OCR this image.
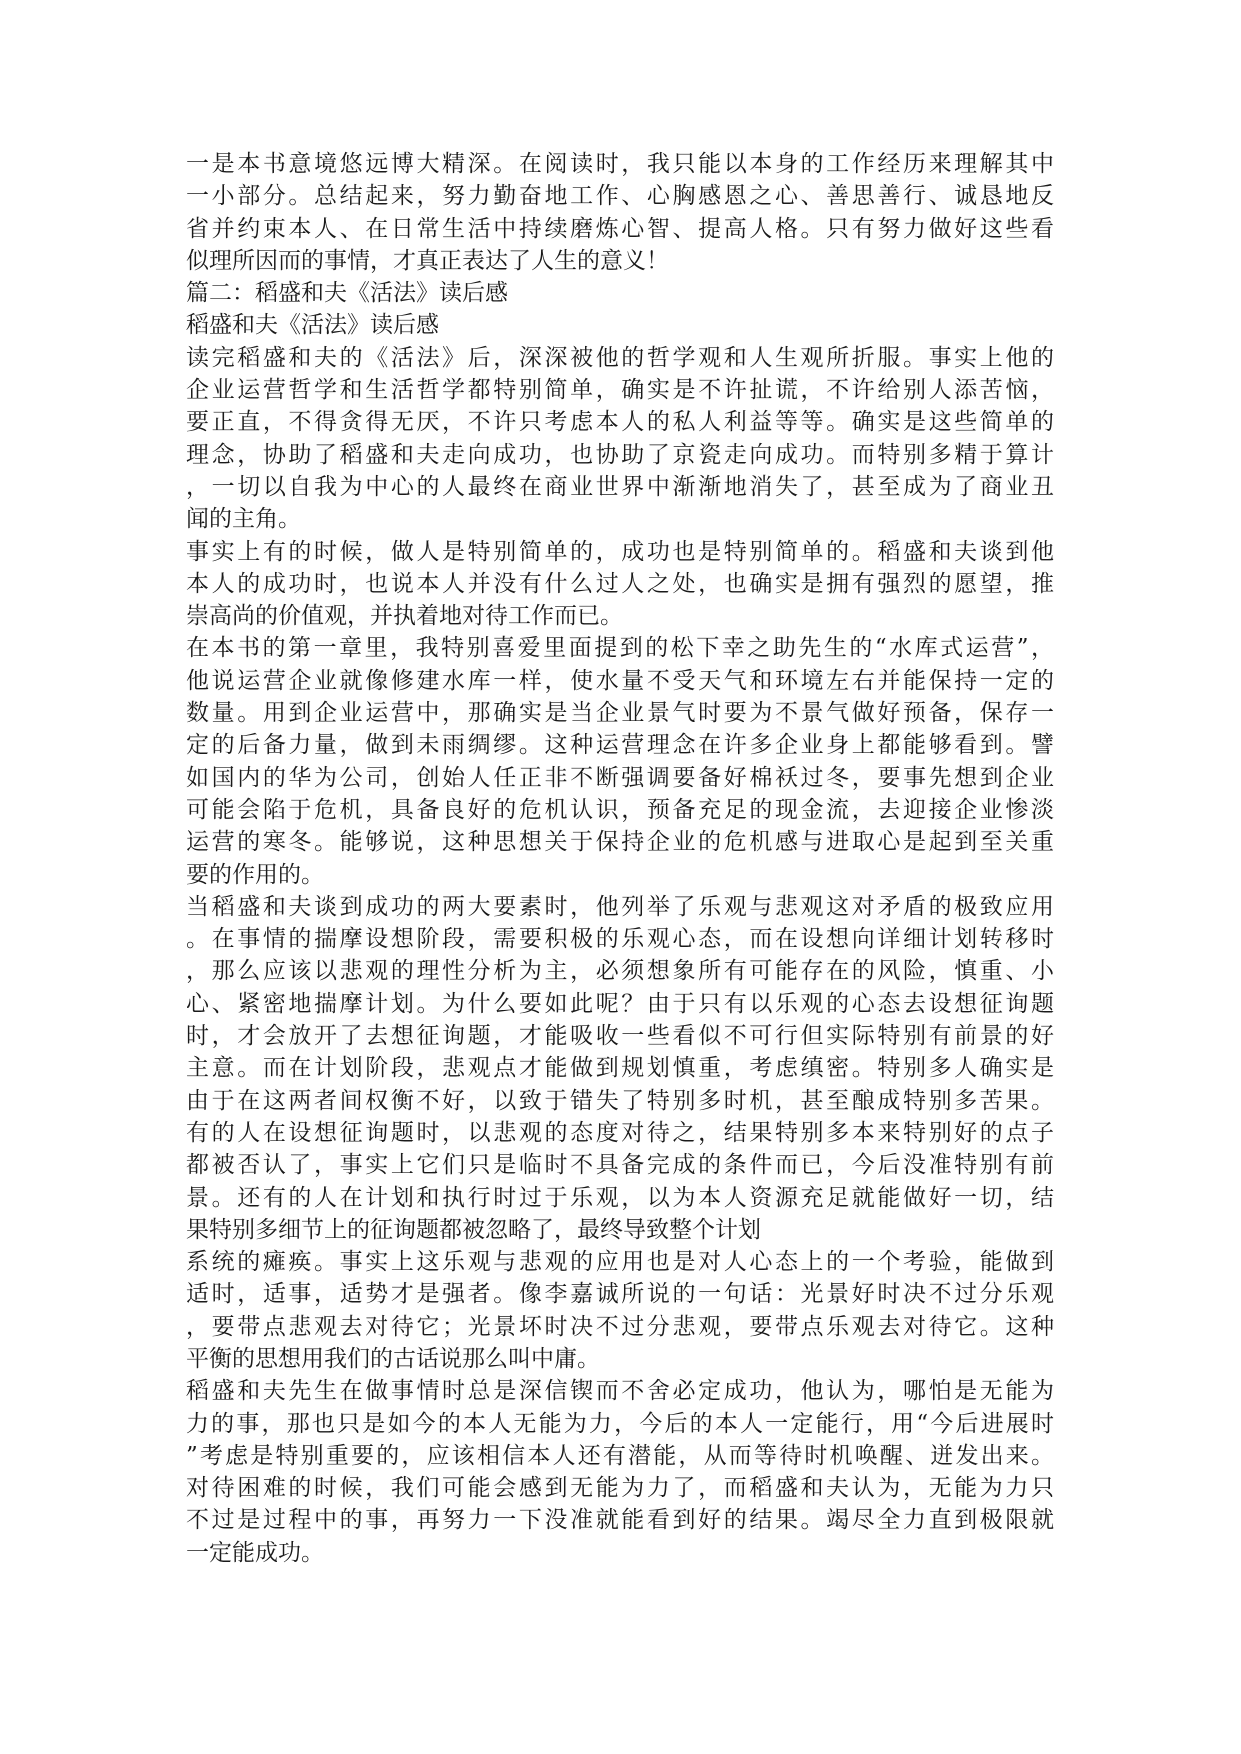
一是本书意境悠远博大精深。在阅读时，我只能以本身的工作经历来理解其中
一小部分。总结起来，努力勤奋地工作、心胸感恩之心、善思善行、诚恳地反
省并约束本人、在日常生活中持续磨炼心智、提高人格。只有努力做好这些看
似理所因而的事情，才真正表达了人生的意义！
篇二：稻盛和夫《活法》读后感
稻盛和夫《活法》读后感
读完稻盛和夫的《活法》后，深深被他的哲学观和人生观所折服。事实上他的
企业运营哲学和生活哲学都特别简单，确实是不许扯谎，不许给别人添苦恼，
要正直，不得贪得无厌，不许只考虑本人的私人利益等等。确实是这些简单的
理念，协助了稻盛和夫走向成功，也协助了京瓷走向成功。而特别多精于算计
，一切以自我为中心的人最终在商业世界中渐渐地消失了，甚至成为了商业丑
闻的主角。
事实上有的时候，做人是特别简单的，成功也是特别简单的。稻盛和夫谈到他
本人的成功时，也说本人并没有什么过人之处，也确实是拥有强烈的愿望，推
崇高尚的价值观，并执着地对待工作而已。
在本书的第一章里，我特别喜爱里面提到的松下幸之助先生的“水库式运营”，
他说运营企业就像修建水库一样，使水量不受天气和环境左右并能保持一定的
数量。用到企业运营中，那确实是当企业景气时要为不景气做好预备，保存一
定的后备力量，做到未雨绸缪。这种运营理念在许多企业身上都能够看到。譬
如国内的华为公司，创始人任正非不断强调要备好棉袄过冬，要事先想到企业
可能会陷于危机，具备良好的危机认识，预备充足的现金流，去迎接企业惨淡
运营的寒冬。能够说，这种思想关于保持企业的危机感与进取心是起到至关重
要的作用的。
当稻盛和夫谈到成功的两大要素时，他列举了乐观与悲观这对矛盾的极致应用
。在事情的揣摩设想阶段，需要积极的乐观心态，而在设想向详细计划转移时
，那么应该以悲观的理性分析为主，必须想象所有可能存在的风险，慎重、小
心、紧密地揣摩计划。为什么要如此呢？由于只有以乐观的心态去设想征询题
时，才会放开了去想征询题，才能吸收一些看似不可行但实际特别有前景的好
主意。而在计划阶段，悲观点才能做到规划慎重，考虑缜密。特别多人确实是
由于在这两者间权衡不好，以致于错失了特别多时机，甚至酿成特别多苦果。
有的人在设想征询题时，以悲观的态度对待之，结果特别多本来特别好的点子
都被否认了，事实上它们只是临时不具备完成的条件而已，今后没准特别有前
景。还有的人在计划和执行时过于乐观，以为本人资源充足就能做好一切，结
果特别多细节上的征询题都被忽略了，最终导致整个计划
系统的瘫痪。事实上这乐观与悲观的应用也是对人心态上的一个考验，能做到
适时，适事，适势才是强者。像李嘉诚所说的一句话：光景好时决不过分乐观
，要带点悲观去对待它；光景坏时决不过分悲观，要带点乐观去对待它。这种
平衡的思想用我们的古话说那么叫中庸。
稻盛和夫先生在做事情时总是深信锲而不舍必定成功，他认为，哪怕是无能为
力的事，那也只是如今的本人无能为力，今后的本人一定能行，用“今后进展时
”考虑是特别重要的，应该相信本人还有潜能，从而等待时机唤醒、迸发出来。
对待困难的时候，我们可能会感到无能为力了，而稻盛和夫认为，无能为力只
不过是过程中的事，再努力一下没准就能看到好的结果。竭尽全力直到极限就
一定能成功。
